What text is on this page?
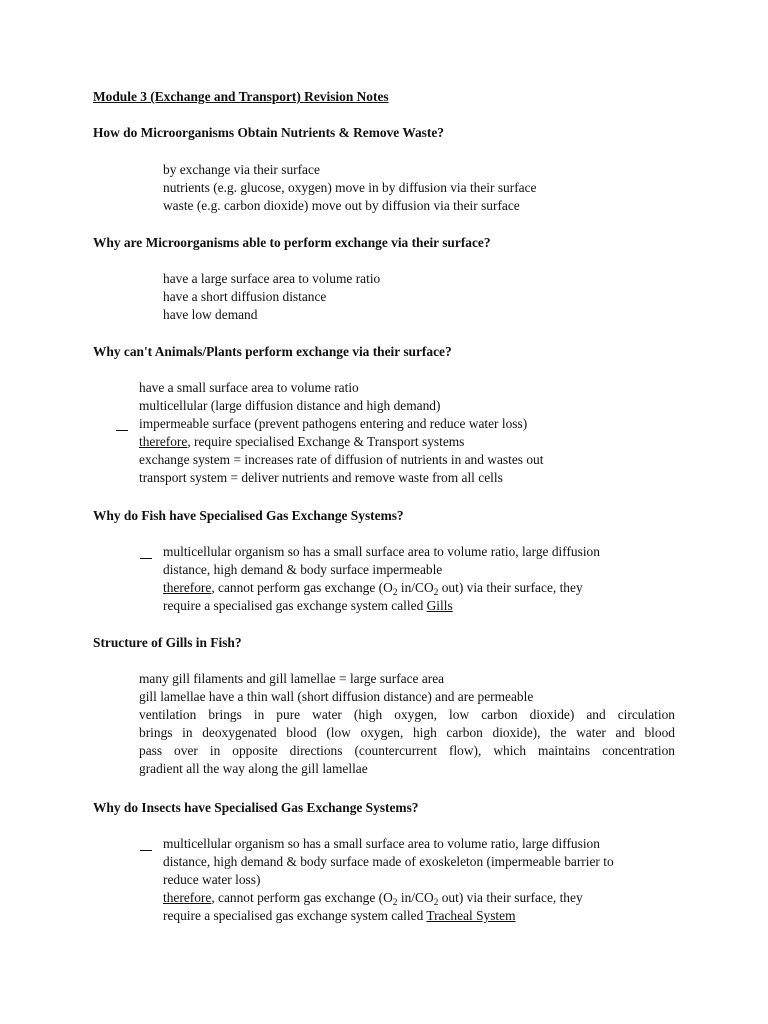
Module 3 (Exchange and Transport) Revision Notes
How do Microorganisms Obtain Nutrients & Remove Waste?
by exchange via their surface
nutrients (e.g. glucose, oxygen) move in by diffusion via their surface
waste (e.g. carbon dioxide) move out by diffusion via their surface
Why are Microorganisms able to perform exchange via their surface?
have a large surface area to volume ratio
have a short diffusion distance
have low demand
Why can't Animals/Plants perform exchange via their surface?
have a small surface area to volume ratio
multicellular (large diffusion distance and high demand)
impermeable surface (prevent pathogens entering and reduce water loss)
therefore, require specialised Exchange & Transport systems
exchange system = increases rate of diffusion of nutrients in and wastes out
transport system = deliver nutrients and remove waste from all cells
Why do Fish have Specialised Gas Exchange Systems?
multicellular organism so has a small surface area to volume ratio, large diffusion
distance, high demand & body surface impermeable
therefore, cannot perform gas exchange ($O_2$ $in/CO_2$ out) via their surface, they
require a specialised gas exchange system called Gills
Structure of Gills in Fish?
many gill filaments and gill lamellae = large surface area
gill lamellae have a thin wall (short diffusion distance) and are permeable
ventilation brings in pure water (high oxygen, low carbon dioxide) and circulation
brings in deoxygenated blood (low oxygen, high carbon dioxide), the water and blood
pass over in opposite directions (countercurrent flow), which maintains concentration
gradient all the way along the gill lamellae
Why do Insects have Specialised Gas Exchange Systems?
multicellular organism so has a small surface area to volume ratio, large diffusion
distance, high demand & body surface made of exoskeleton (impermeable barrier to
reduce water loss)
therefore, cannot perform gas exchange ($O_2$ $in/CO_2$ out) via their surface, they
require a specialised gas exchange system called Tracheal System
